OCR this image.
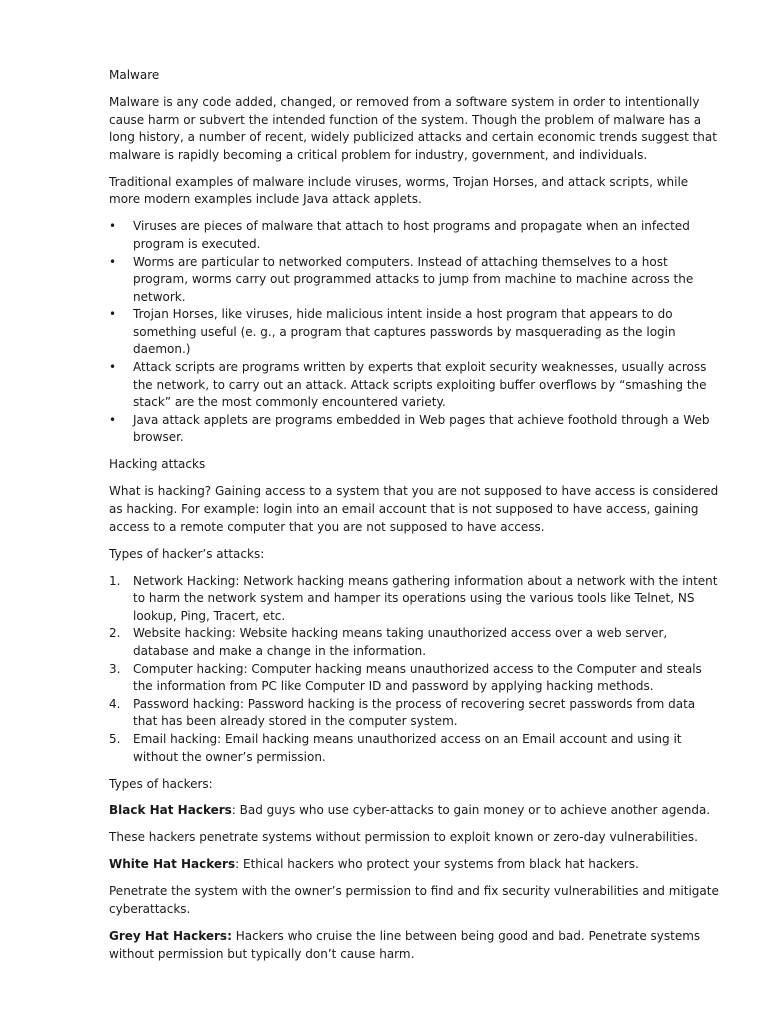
Malware

Malware is any code added, changed, or removed from a software system in order to intentionally cause harm or subvert the intended function of the system. Though the problem of malware has a long history, a number of recent, widely publicized attacks and certain economic trends suggest that malware is rapidly becoming a critical problem for industry, government, and individuals.

Traditional examples of malware include viruses, worms, Trojan Horses, and attack scripts, while more modern examples include Java attack applets.

•	Viruses are pieces of malware that attach to host programs and propagate when an infected program is executed.
•	Worms are particular to networked computers. Instead of attaching themselves to a host program, worms carry out programmed attacks to jump from machine to machine across the network.
•	Trojan Horses, like viruses, hide malicious intent inside a host program that appears to do something useful (e. g., a program that captures passwords by masquerading as the login daemon.)
•	Attack scripts are programs written by experts that exploit security weaknesses, usually across the network, to carry out an attack. Attack scripts exploiting buffer overflows by “smashing the stack” are the most commonly encountered variety.
•	Java attack applets are programs embedded in Web pages that achieve foothold through a Web browser.

Hacking attacks

What is hacking? Gaining access to a system that you are not supposed to have access is considered as hacking. For example: login into an email account that is not supposed to have access, gaining access to a remote computer that you are not supposed to have access.

Types of hacker’s attacks:

1.	Network Hacking: Network hacking means gathering information about a network with the intent to harm the network system and hamper its operations using the various tools like Telnet, NS lookup, Ping, Tracert, etc.
2.	Website hacking: Website hacking means taking unauthorized access over a web server, database and make a change in the information.
3.	Computer hacking: Computer hacking means unauthorized access to the Computer and steals the information from PC like Computer ID and password by applying hacking methods.
4.	Password hacking: Password hacking is the process of recovering secret passwords from data that has been already stored in the computer system.
5.	Email hacking: Email hacking means unauthorized access on an Email account and using it without the owner’s permission.

Types of hackers:

Black Hat Hackers: Bad guys who use cyber-attacks to gain money or to achieve another agenda.

These hackers penetrate systems without permission to exploit known or zero-day vulnerabilities.

White Hat Hackers: Ethical hackers who protect your systems from black hat hackers.

Penetrate the system with the owner’s permission to find and fix security vulnerabilities and mitigate cyberattacks.

Grey Hat Hackers: Hackers who cruise the line between being good and bad. Penetrate systems without permission but typically don’t cause harm.
